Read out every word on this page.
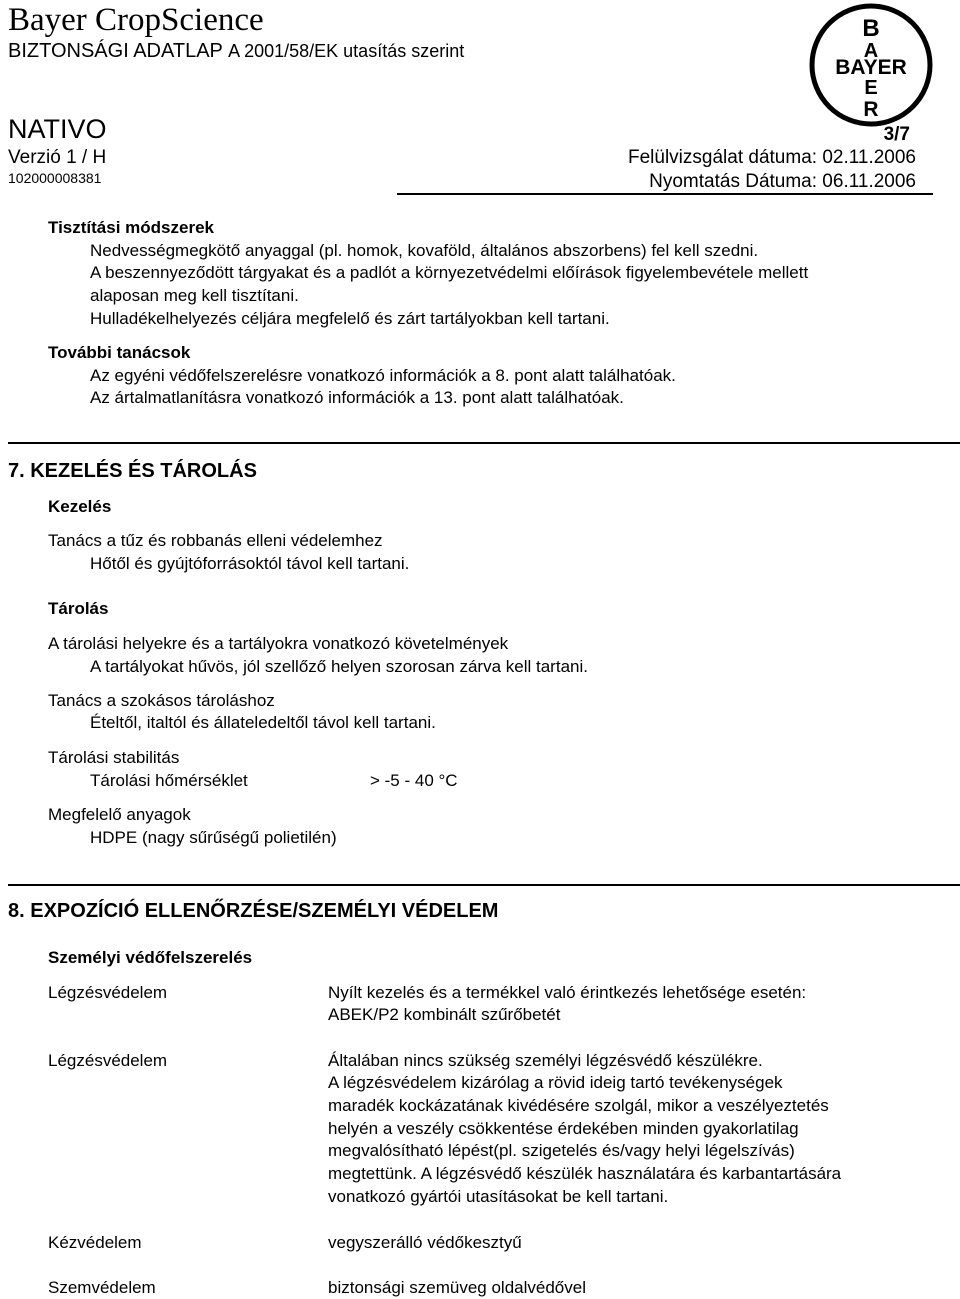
Bayer CropScience
BIZTONSÁGI ADATLAP A 2001/58/EK utasítás szerint
B
A
BAYER
E
R
NATIVO	3/7
Verzió 1 / H
102000008381
Felülvizsgálat dátuma: 02.11.2006
Nyomtatás Dátuma: 06.11.2006
Tisztítási módszerek
Nedvességmegkötő anyaggal (pl. homok, kovaföld, általános abszorbens) fel kell szedni.
A beszennyeződött tárgyakat és a padlót a környezetvédelmi előírások figyelembevétele mellett
alaposan meg kell tisztítani.
Hulladékelhelyezés céljára megfelelő és zárt tartályokban kell tartani.
További tanácsok
Az egyéni védőfelszerelésre vonatkozó információk a 8. pont alatt találhatóak.
Az ártalmatlanításra vonatkozó információk a 13. pont alatt találhatóak.
7. KEZELÉS ÉS TÁROLÁS
Kezelés
Tanács a tűz és robbanás elleni védelemhez
Hőtől és gyújtóforrásoktól távol kell tartani.
Tárolás
A tárolási helyekre és a tartályokra vonatkozó követelmények
A tartályokat hűvös, jól szellőző helyen szorosan zárva kell tartani.
Tanács a szokásos tároláshoz
Ételtől, italtól és állateledeltől távol kell tartani.
Tárolási stabilitás
Tárolási hőmérséklet	> -5 - 40 °C
Megfelelő anyagok
HDPE (nagy sűrűségű polietilén)
8. EXPOZÍCIÓ ELLENŐRZÉSE/SZEMÉLYI VÉDELEM
Személyi védőfelszerelés
Légzésvédelem	Nyílt kezelés és a termékkel való érintkezés lehetősége esetén:
ABEK/P2 kombinált szűrőbetét
Légzésvédelem	Általában nincs szükség személyi légzésvédő készülékre.
A légzésvédelem kizárólag a rövid ideig tartó tevékenységek
maradék kockázatának kivédésére szolgál, mikor a veszélyeztetés
helyén a veszély csökkentése érdekében minden gyakorlatilag
megvalósítható lépést(pl. szigetelés és/vagy helyi légelszívás)
megtettünk. A légzésvédő készülék használatára és karbantartására
vonatkozó gyártói utasításokat be kell tartani.
Kézvédelem	vegyszerálló védőkesztyű
Szemvédelem	biztonsági szemüveg oldalvédővel
